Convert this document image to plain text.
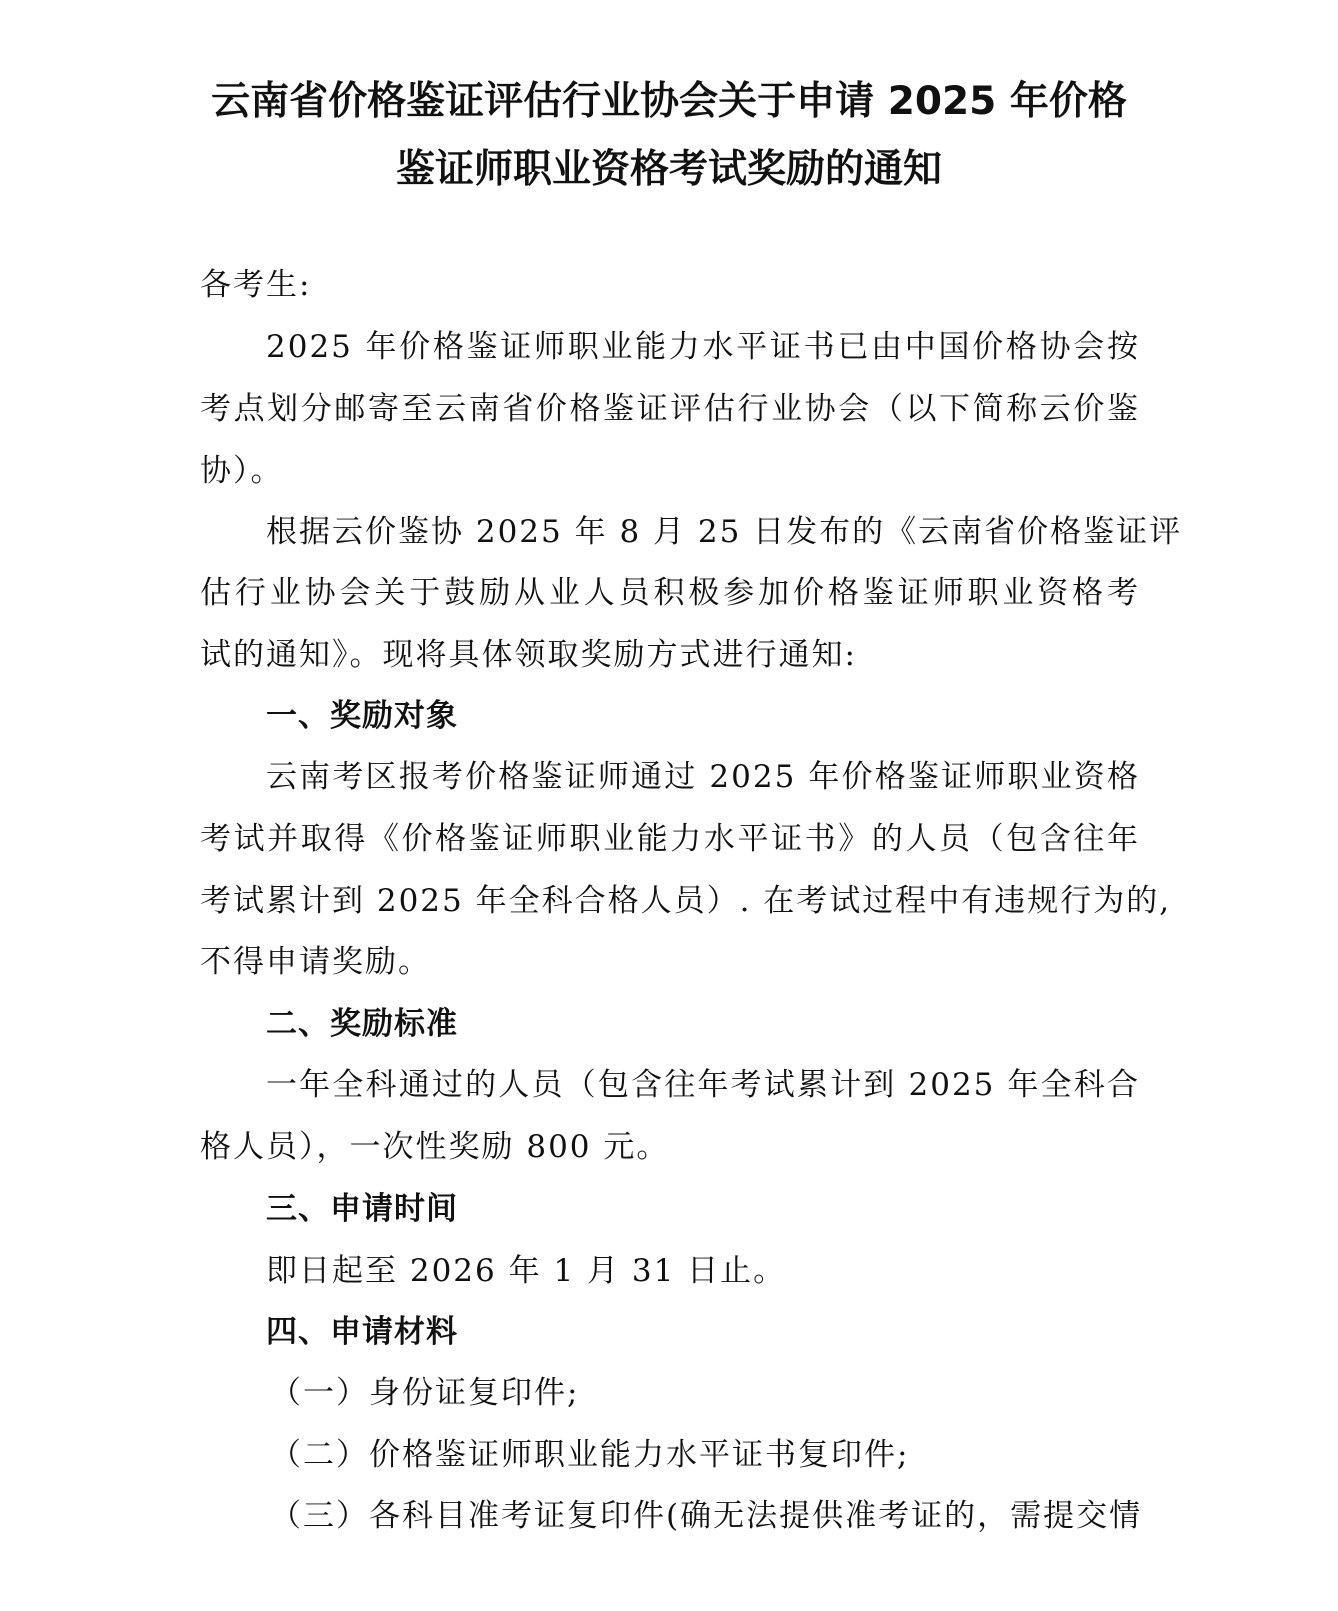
云南省价格鉴证评估行业协会关于申请 2025 年价格
鉴证师职业资格考试奖励的通知
各考生:
2025 年价格鉴证师职业能力水平证书已由中国价格协会按
考点划分邮寄至云南省价格鉴证评估行业协会（以下简称云价鉴
协）。
根据云价鉴协 2025 年 8 月 25 日发布的《云南省价格鉴证评
估行业协会关于鼓励从业人员积极参加价格鉴证师职业资格考
试的通知》。现将具体领取奖励方式进行通知:
一、奖励对象
云南考区报考价格鉴证师通过 2025 年价格鉴证师职业资格
考试并取得《价格鉴证师职业能力水平证书》的人员（包含往年
考试累计到 2025 年全科合格人员）. 在考试过程中有违规行为的,
不得申请奖励。
二、奖励标准
一年全科通过的人员（包含往年考试累计到 2025 年全科合
格人员），一次性奖励 800 元。
三、申请时间
即日起至 2026 年 1 月 31 日止。
四、申请材料
（一）身份证复印件;
（二）价格鉴证师职业能力水平证书复印件;
（三）各科目准考证复印件(确无法提供准考证的，需提交情
